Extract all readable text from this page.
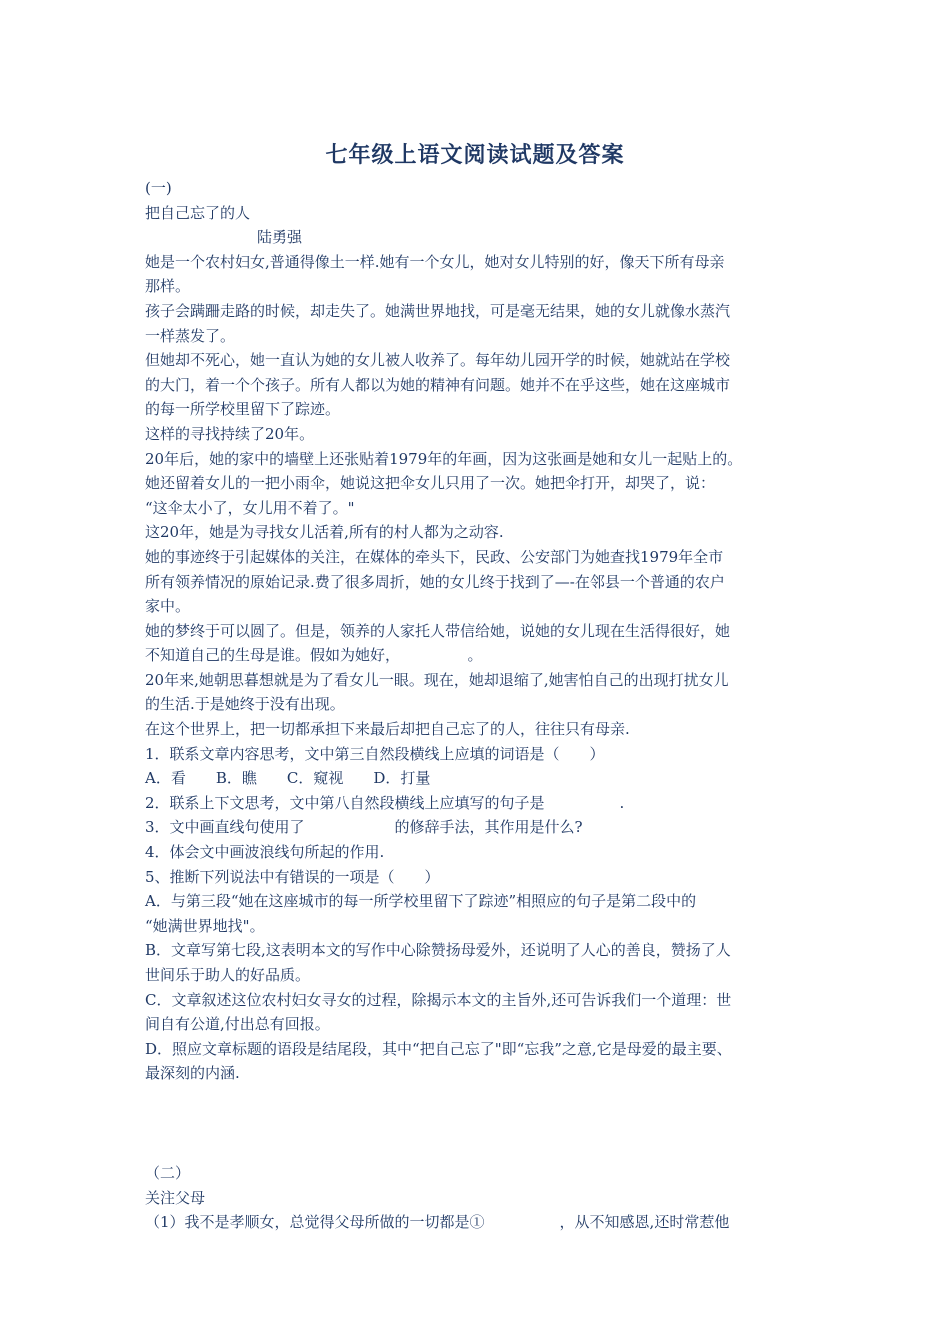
七年级上语文阅读试题及答案

(一)

把自己忘了的人

陆勇强

她是一个农村妇女,普通得像土一样.她有一个女儿，她对女儿特别的好，像天下所有母亲

那样。

孩子会蹒跚走路的时候，却走失了。她满世界地找，可是毫无结果，她的女儿就像水蒸汽

一样蒸发了。

但她却不死心，她一直认为她的女儿被人收养了。每年幼儿园开学的时候，她就站在学校

的大门，着一个个孩子。所有人都以为她的精神有问题。她并不在乎这些，她在这座城市

的每一所学校里留下了踪迹。

这样的寻找持续了20年。

20年后，她的家中的墙壁上还张贴着1979年的年画，因为这张画是她和女儿一起贴上的。

她还留着女儿的一把小雨伞，她说这把伞女儿只用了一次。她把伞打开，却哭了，说：

“这伞太小了，女儿用不着了。"

这20年，她是为寻找女儿活着,所有的村人都为之动容.

她的事迹终于引起媒体的关注，在媒体的牵头下，民政、公安部门为她查找1979年全市

所有领养情况的原始记录.费了很多周折，她的女儿终于找到了—-在邻县一个普通的农户

家中。

她的梦终于可以圆了。但是，领养的人家托人带信给她，说她的女儿现在生活得很好，她

不知道自己的生母是谁。假如为她好，　　　　　。

20年来,她朝思暮想就是为了看女儿一眼。现在，她却退缩了,她害怕自己的出现打扰女儿

的生活.于是她终于没有出现。

在这个世界上，把一切都承担下来最后却把自己忘了的人，往往只有母亲.

1．联系文章内容思考，文中第三自然段横线上应填的词语是（　　）

A．看　　B．瞧　　C．窥视　　D．打量

2．联系上下文思考，文中第八自然段横线上应填写的句子是　　　　　.

3．文中画直线句使用了　　　　　　的修辞手法，其作用是什么?

4．体会文中画波浪线句所起的作用.

5、推断下列说法中有错误的一项是（　　）

A．与第三段“她在这座城市的每一所学校里留下了踪迹”相照应的句子是第二段中的

“她满世界地找"。

B．文章写第七段,这表明本文的写作中心除赞扬母爱外，还说明了人心的善良，赞扬了人

世间乐于助人的好品质。

C．文章叙述这位农村妇女寻女的过程，除揭示本文的主旨外,还可告诉我们一个道理：世

间自有公道,付出总有回报。

D．照应文章标题的语段是结尾段，其中“把自己忘了"即“忘我”之意,它是母爱的最主要、

最深刻的内涵.

（二）

关注父母

（1）我不是孝顺女，总觉得父母所做的一切都是①　　　　　，从不知感恩,还时常惹他
